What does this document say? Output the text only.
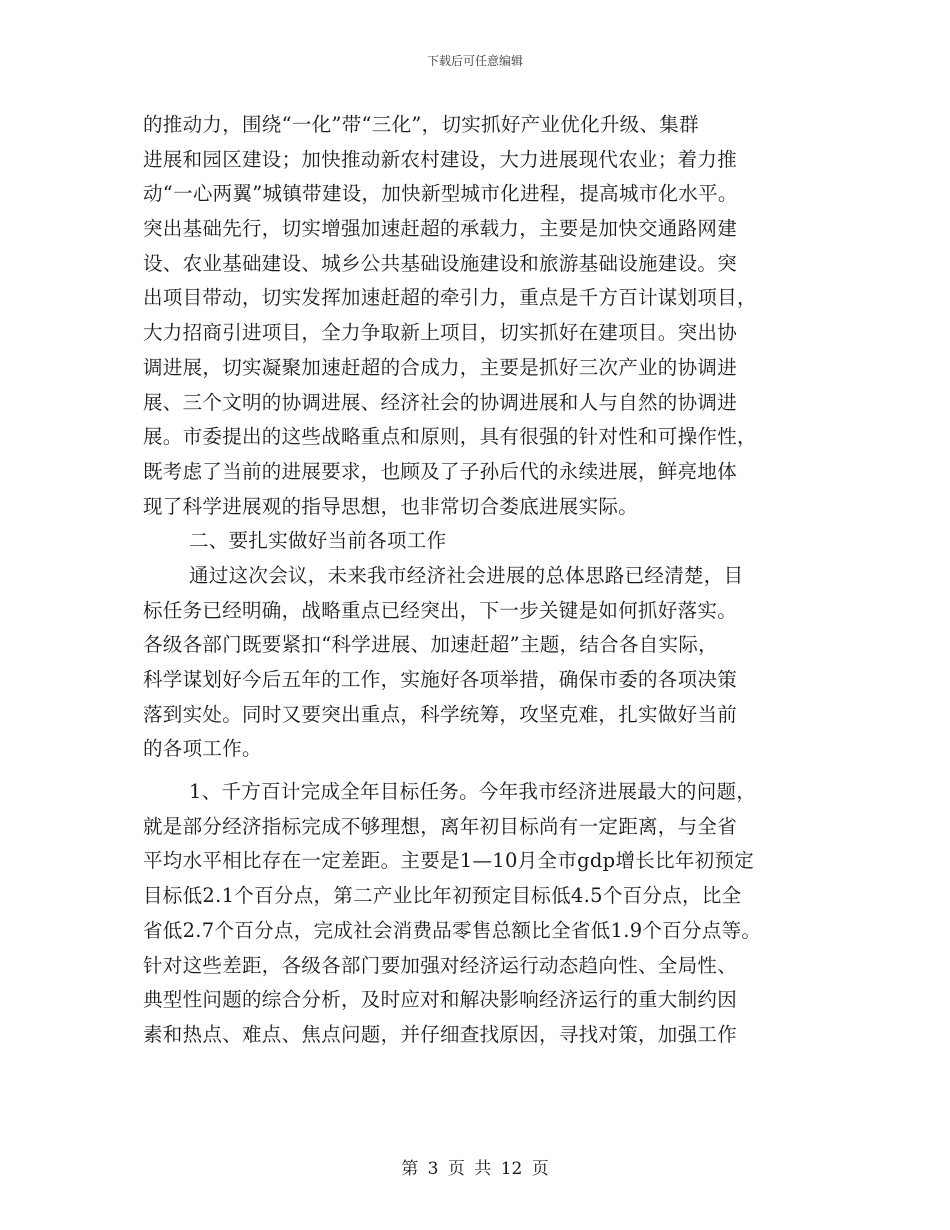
下载后可任意编辑
的推动力，围绕“一化”带“三化”，切实抓好产业优化升级、集群
进展和园区建设；加快推动新农村建设，大力进展现代农业；着力推
动“一心两翼”城镇带建设，加快新型城市化进程，提高城市化水平。
突出基础先行，切实增强加速赶超的承载力，主要是加快交通路网建
设、农业基础建设、城乡公共基础设施建设和旅游基础设施建设。突
出项目带动，切实发挥加速赶超的牵引力，重点是千方百计谋划项目，
大力招商引进项目，全力争取新上项目，切实抓好在建项目。突出协
调进展，切实凝聚加速赶超的合成力，主要是抓好三次产业的协调进
展、三个文明的协调进展、经济社会的协调进展和人与自然的协调进
展。市委提出的这些战略重点和原则，具有很强的针对性和可操作性，
既考虑了当前的进展要求，也顾及了子孙后代的永续进展，鲜亮地体
现了科学进展观的指导思想，也非常切合娄底进展实际。
二、要扎实做好当前各项工作
通过这次会议，未来我市经济社会进展的总体思路已经清楚，目
标任务已经明确，战略重点已经突出，下一步关键是如何抓好落实。
各级各部门既要紧扣“科学进展、加速赶超”主题，结合各自实际，
科学谋划好今后五年的工作，实施好各项举措，确保市委的各项决策
落到实处。同时又要突出重点，科学统筹，攻坚克难，扎实做好当前
的各项工作。
1、千方百计完成全年目标任务。今年我市经济进展最大的问题，
就是部分经济指标完成不够理想，离年初目标尚有一定距离，与全省
平均水平相比存在一定差距。主要是1—10月全市gdp增长比年初预定
目标低2.1个百分点，第二产业比年初预定目标低4.5个百分点，比全
省低2.7个百分点，完成社会消费品零售总额比全省低1.9个百分点等。
针对这些差距，各级各部门要加强对经济运行动态趋向性、全局性、
典型性问题的综合分析，及时应对和解决影响经济运行的重大制约因
素和热点、难点、焦点问题，并仔细查找原因，寻找对策，加强工作
第 3 页 共 12 页
